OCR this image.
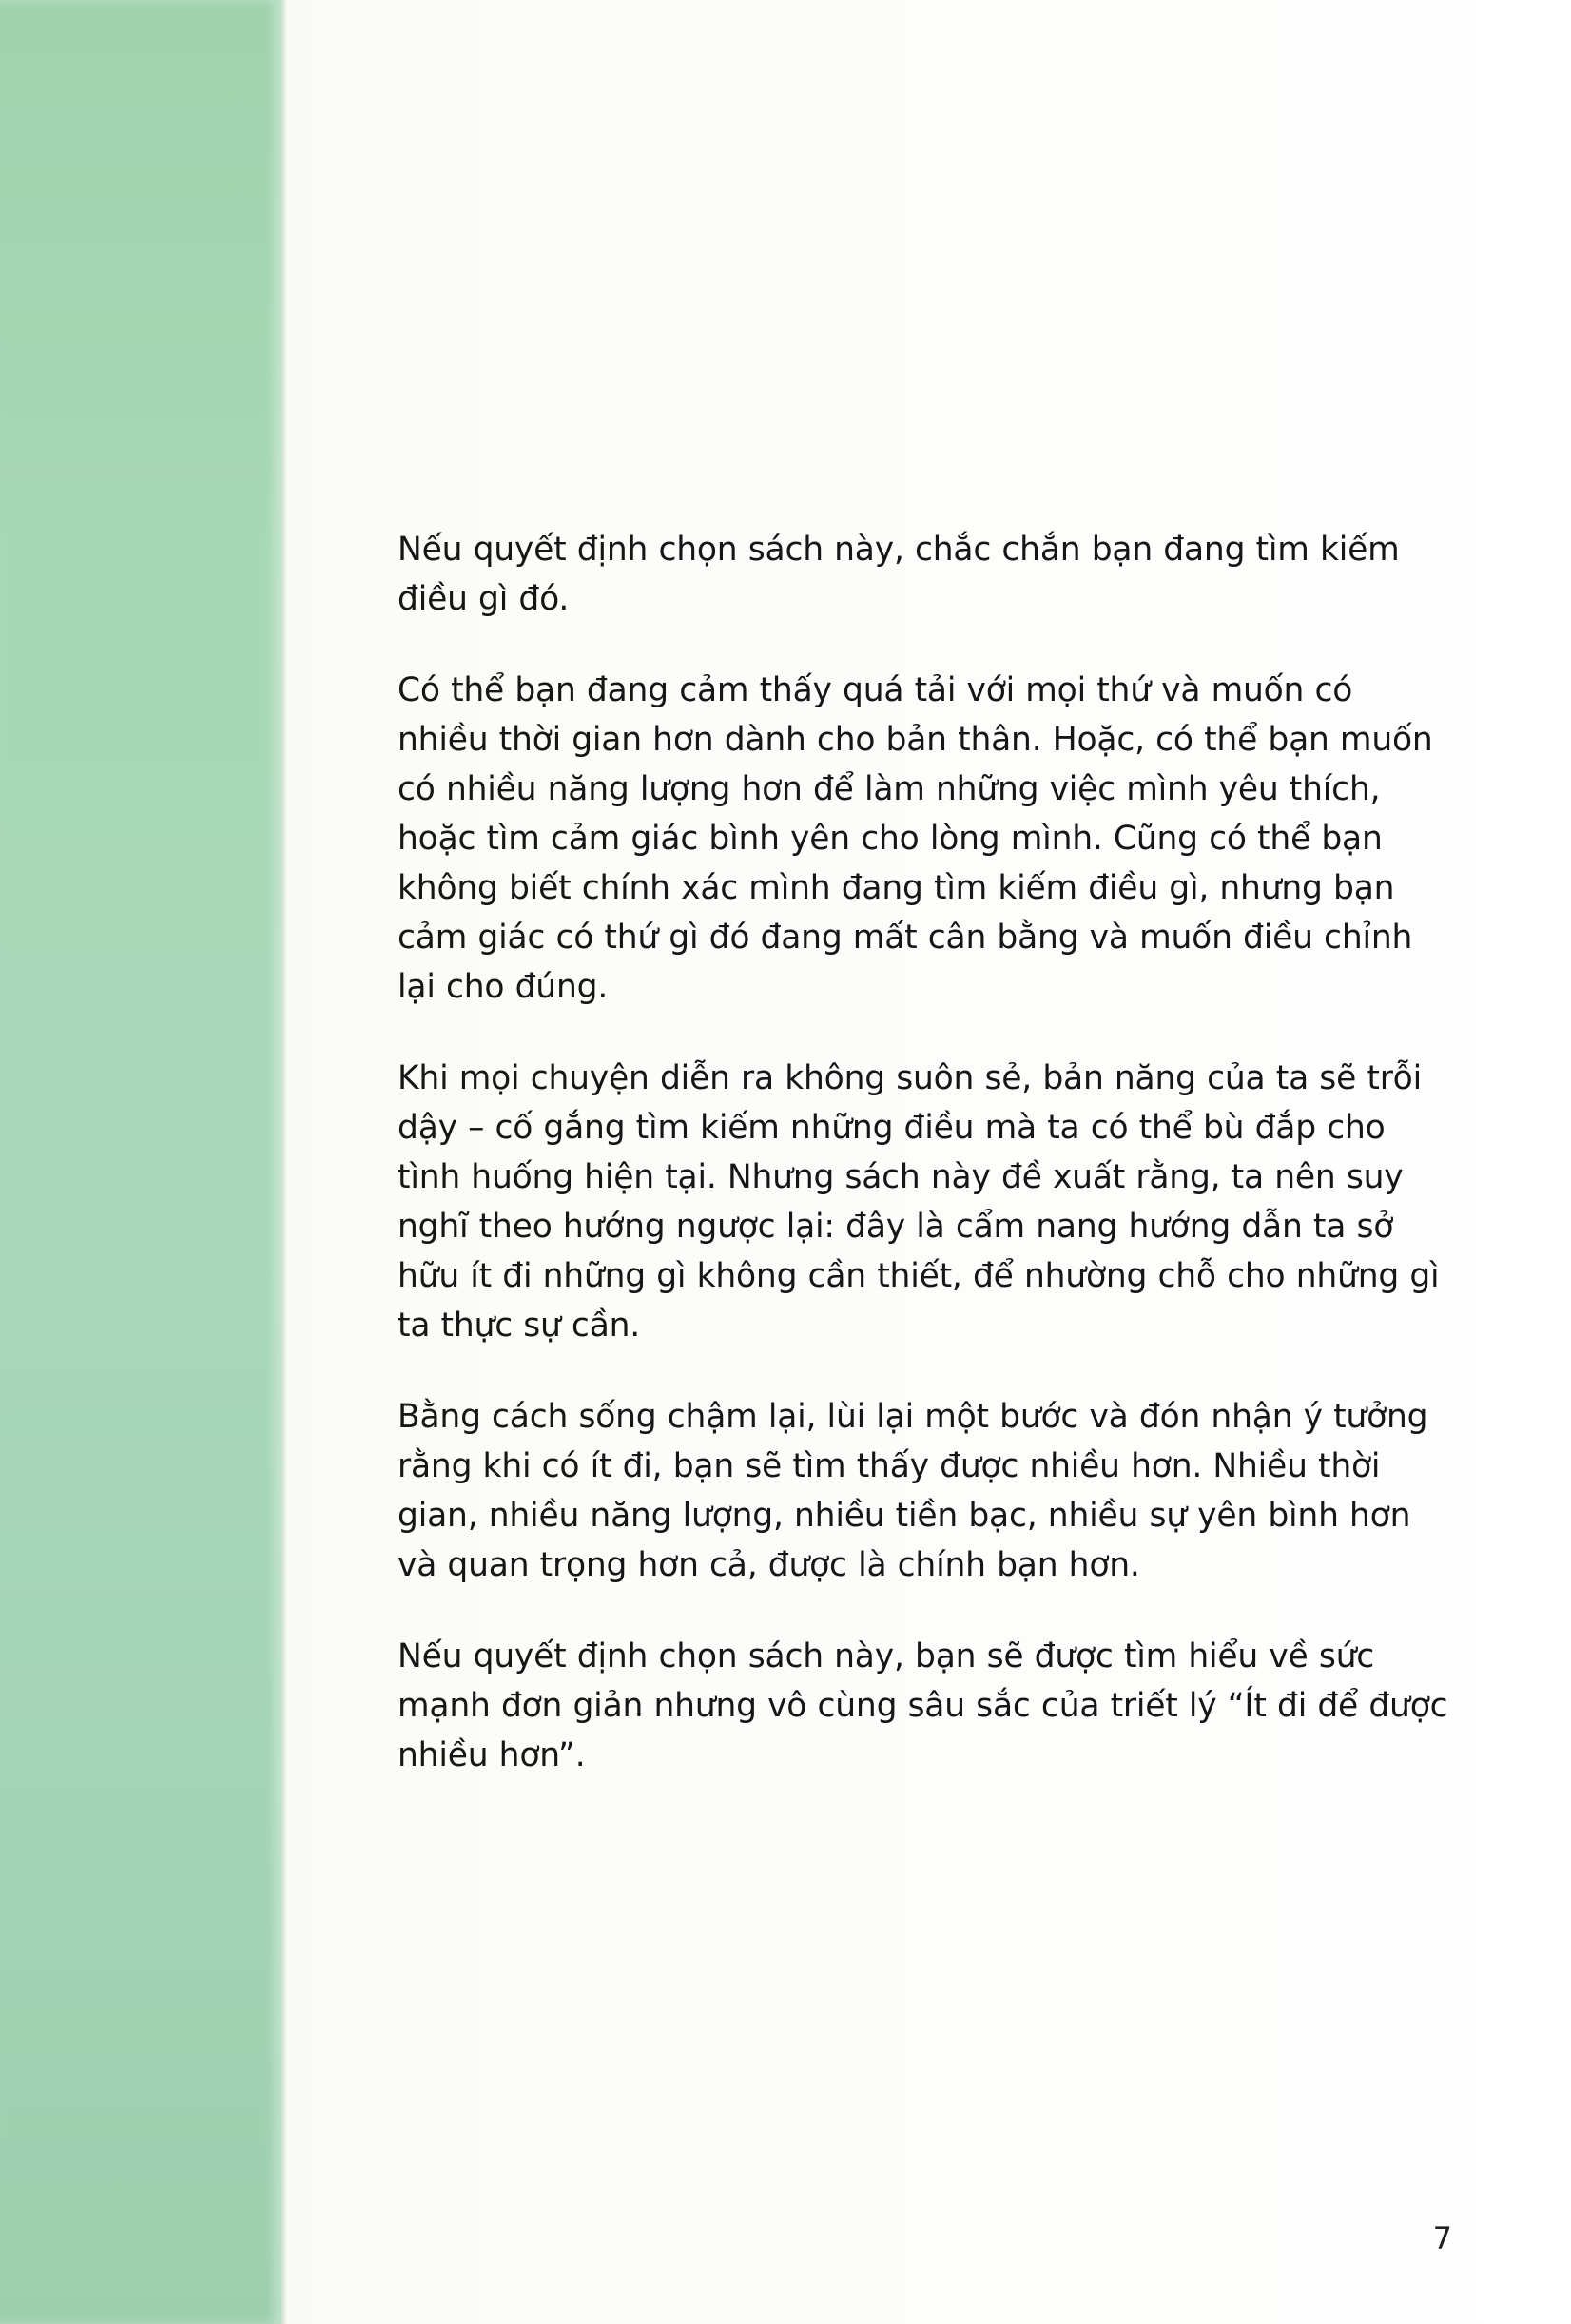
Nếu quyết định chọn sách này, chắc chắn bạn đang tìm kiếm điều gì đó.

Có thể bạn đang cảm thấy quá tải với mọi thứ và muốn có nhiều thời gian hơn dành cho bản thân. Hoặc, có thể bạn muốn có nhiều năng lượng hơn để làm những việc mình yêu thích, hoặc tìm cảm giác bình yên cho lòng mình. Cũng có thể bạn không biết chính xác mình đang tìm kiếm điều gì, nhưng bạn cảm giác có thứ gì đó đang mất cân bằng và muốn điều chỉnh lại cho đúng.

Khi mọi chuyện diễn ra không suôn sẻ, bản năng của ta sẽ trỗi dậy – cố gắng tìm kiếm những điều mà ta có thể bù đắp cho tình huống hiện tại. Nhưng sách này đề xuất rằng, ta nên suy nghĩ theo hướng ngược lại: đây là cẩm nang hướng dẫn ta sở hữu ít đi những gì không cần thiết, để nhường chỗ cho những gì ta thực sự cần.

Bằng cách sống chậm lại, lùi lại một bước và đón nhận ý tưởng rằng khi có ít đi, bạn sẽ tìm thấy được nhiều hơn. Nhiều thời gian, nhiều năng lượng, nhiều tiền bạc, nhiều sự yên bình hơn và quan trọng hơn cả, được là chính bạn hơn.

Nếu quyết định chọn sách này, bạn sẽ được tìm hiểu về sức mạnh đơn giản nhưng vô cùng sâu sắc của triết lý “Ít đi để được nhiều hơn”.

7
